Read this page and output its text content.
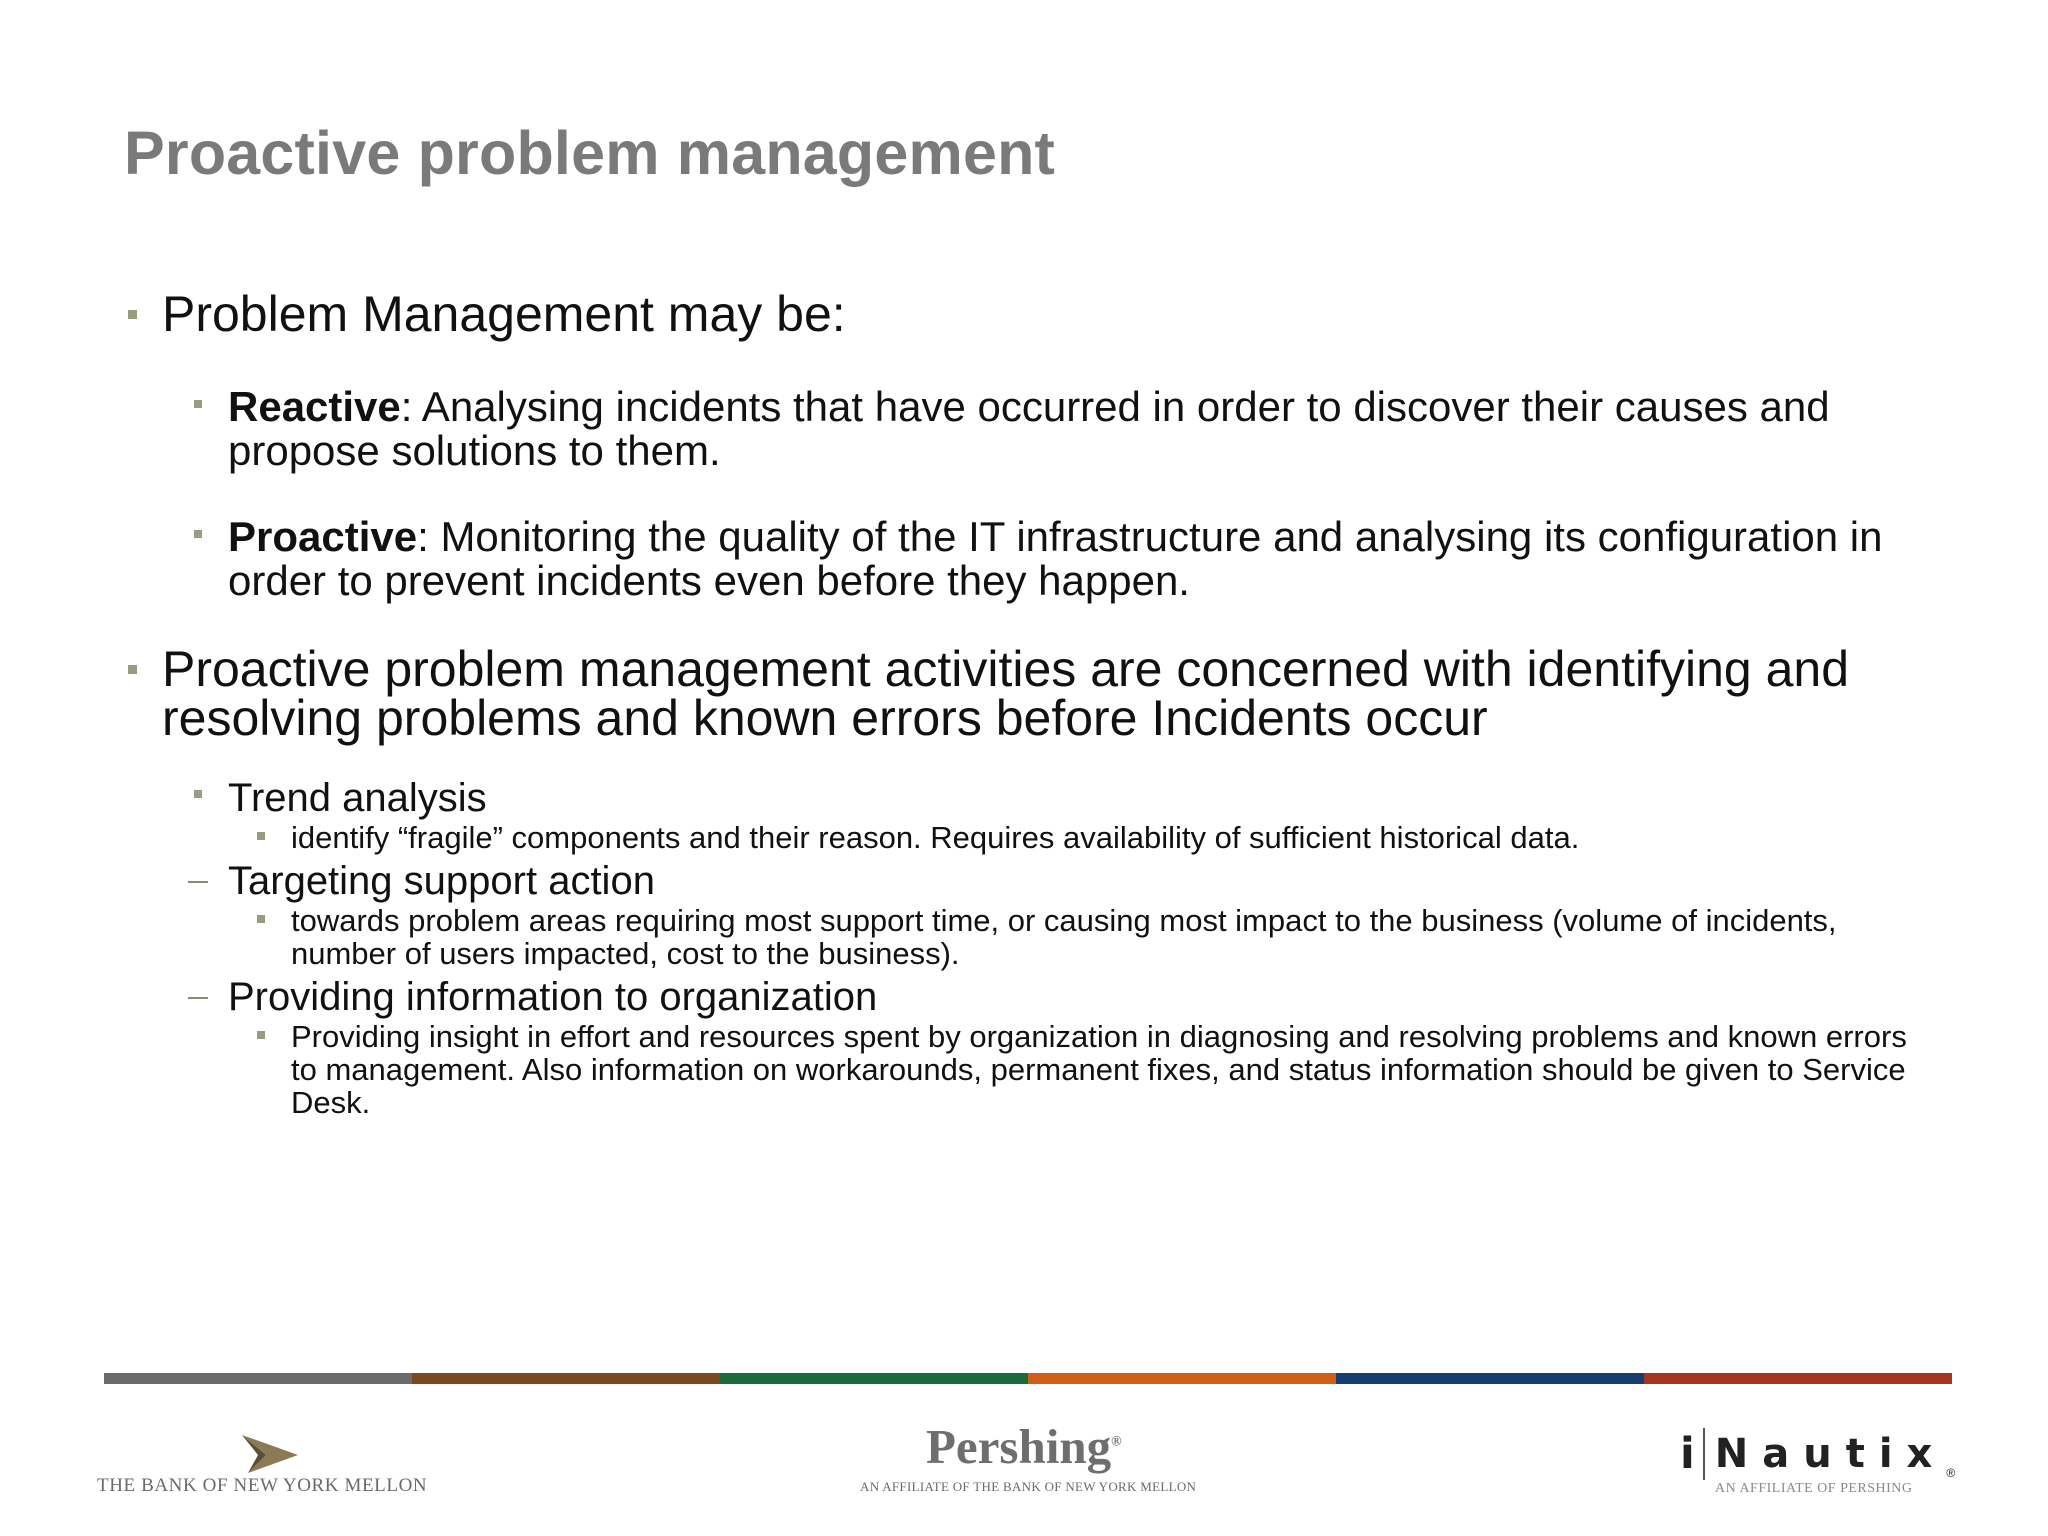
Proactive problem management
Problem Management may be:
Reactive: Analysing incidents that have occurred in order to discover their causes and propose solutions to them.
Proactive: Monitoring the quality of the IT infrastructure and analysing its configuration in order to prevent incidents even before they happen.
Proactive problem management activities are concerned with identifying and resolving problems and known errors before Incidents occur
Trend analysis
identify “fragile” components and their reason. Requires availability of sufficient historical data.
Targeting support action
towards problem areas requiring most support time, or causing most impact to the business (volume of incidents, number of users impacted, cost to the business).
Providing information to organization
Providing insight in effort and resources spent by organization in diagnosing and resolving problems and known errors to management. Also information on workarounds, permanent fixes, and status information should be given to Service Desk.
THE BANK OF NEW YORK MELLON
Pershing®
AN AFFILIATE OF THE BANK OF NEW YORK MELLON
i Nautix®
AN AFFILIATE OF PERSHING
